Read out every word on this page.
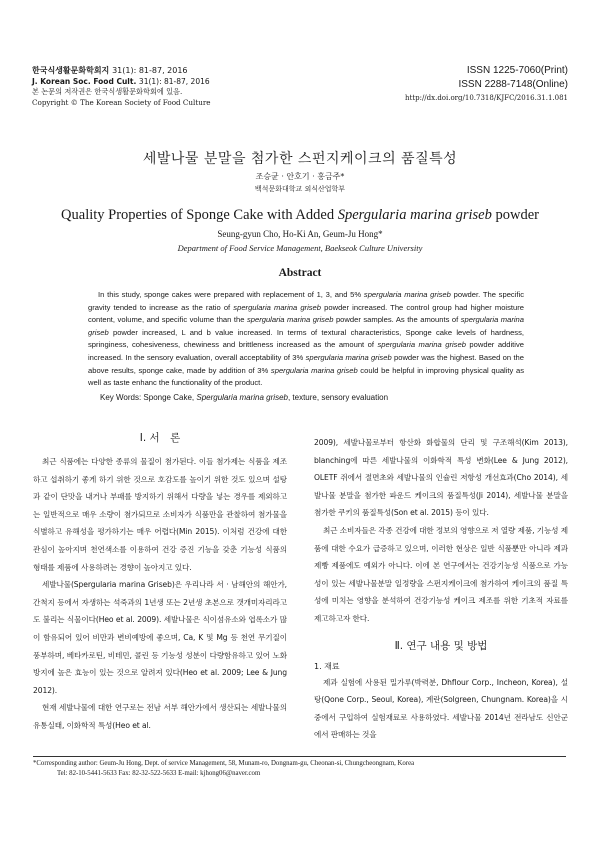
한국식생활문화학회지 31(1): 81-87, 2016
J. Korean Soc. Food Cult. 31(1): 81-87, 2016
본 논문의 저작권은 한국식생활문화학회에 있음.
Copyright © The Korean Society of Food Culture
ISSN 1225-7060(Print)
ISSN 2288-7148(Online)
http://dx.doi.org/10.7318/KJFC/2016.31.1.081
세발나물 분말을 첨가한 스펀지케이크의 품질특성
조승균 · 안호기 · 홍금주*
백석문화대학교 외식산업학부
Quality Properties of Sponge Cake with Added Spergularia marina griseb powder
Seung-gyun Cho, Ho-Ki An, Geum-Ju Hong*
Department of Food Service Management, Baekseok Culture University
Abstract

In this study, sponge cakes were prepared with replacement of 1, 3, and 5% spergularia marina griseb powder. The specific gravity tended to increase as the ratio of spergularia marina griseb powder increased. The control group had higher moisture content, volume, and specific volume than the spergularia marina griseb powder samples. As the amounts of spergularia marina griseb powder increased, L and b value increased. In terms of textural characteristics, Sponge cake levels of hardness, springiness, cohesiveness, chewiness and brittleness increased as the amount of spergularia marina griseb powder additive increased. In the sensory evaluation, overall acceptability of 3% spergularia marina griseb powder was the highest. Based on the above results, sponge cake, made by addition of 3% spergularia marina griseb could be helpful in improving physical quality as well as taste enhanc the functionality of the product.

Key Words: Sponge Cake, Spergularia marina griseb, texture, sensory evaluation
Ⅰ. 서　론

최근 식품에는 다양한 종류의 물질이 첨가된다. 이들 첨가제는 식품을 제조하고 섭취하기 좋게 하기 위한 것으로 호감도를 높이기 위한 것도 있으며 설탕과 같이 단맛을 내거나 부패를 방지하기 위해서 다량을 넣는 경우를 제외하고는 일반적으로 매우 소량이 첨가되므로 소비자가 식품만을 관찰하여 첨가물을 식별하고 유해성을 평가하기는 매우 어렵다(Min 2015). 이처럼 건강에 대한 관심이 높아지며 천연색소를 이용하여 건강 증진 기능을 갖춘 기능성 식품의 형태를 제품에 사용하려는 경향이 높아지고 있다.

세발나물(Spergularia marina Griseb)은 우리나라 서 · 남해안의 해안가, 간척지 등에서 자생하는 석죽과의 1년생 또는 2년생 초본으로 갯개미자리라고도 불리는 식물이다(Heo et al. 2009). 세발나물은 식이섬유소와 엽록소가 많이 함유되어 있어 비만과 변비예방에 좋으며, Ca, K 및 Mg 등 천연 무기질이 풍부하며, 베타카로틴, 비테민, 콜린 등 기능성 성분이 다량함유하고 있어 노화방지에 높은 효능이 있는 것으로 알려져 있다(Heo et al. 2009; Lee & Jung 2012).

현재 세발나물에 대한 연구로는 전남 서부 해안가에서 생산되는 세발나물의 유통실태, 이화학적 특성(Heo et al.

2009), 세발나물로부터 항산화 화합물의 단리 및 구조해석(Kim 2013), blanching에 따른 세발나물의 이화학적 특성 변화(Lee & Jung 2012), OLETF 쥐에서 절면초와 세발나물의 인슐린 저항성 개선효과(Cho 2014), 세발나물 분말을 첨가한 파운드 케이크의 품질특성(Ji 2014), 세발나물 분말을 첨가한 쿠키의 품질특성(Son et al. 2015) 등이 있다.

최근 소비자들은 각종 건강에 대한 정보의 영향으로 저 열량 제품, 기능성 제품에 대한 수요가 급증하고 있으며, 이러한 현상은 일반 식품뿐만 아니라 제과제빵 제품에도 예외가 아니다. 이에 본 연구에서는 건강기능성 식품으로 가능성이 있는 세발나물분말 일정량을 스펀지케이크에 첨가하여 케이크의 품질 특성에 미치는 영향을 분석하여 건강기능성 케이크 제조를 위한 기초적 자료를 제고하고자 한다.

Ⅱ. 연구 내용 및 방법
1. 재료

제과 실험에 사용된 밀가루(박력분, Dhflour Corp., Incheon, Korea), 설탕(Qone Corp., Seoul, Korea), 계란(Solgreen, Chungnam. Korea)을 시중에서 구입하여 실험재료로 사용하였다. 세발나물 2014년 전라남도 신안군에서 판매하는 것을

*Corresponding author: Geum-Ju Hong, Dept. of service Management, 58, Munam-ro, Dongnam-gu, Cheonan-si, Chungcheongnam, Korea
Tel: 82-10-5441-5633 Fax: 82-32-522-5633 E-mail: kjhong06@naver.com
